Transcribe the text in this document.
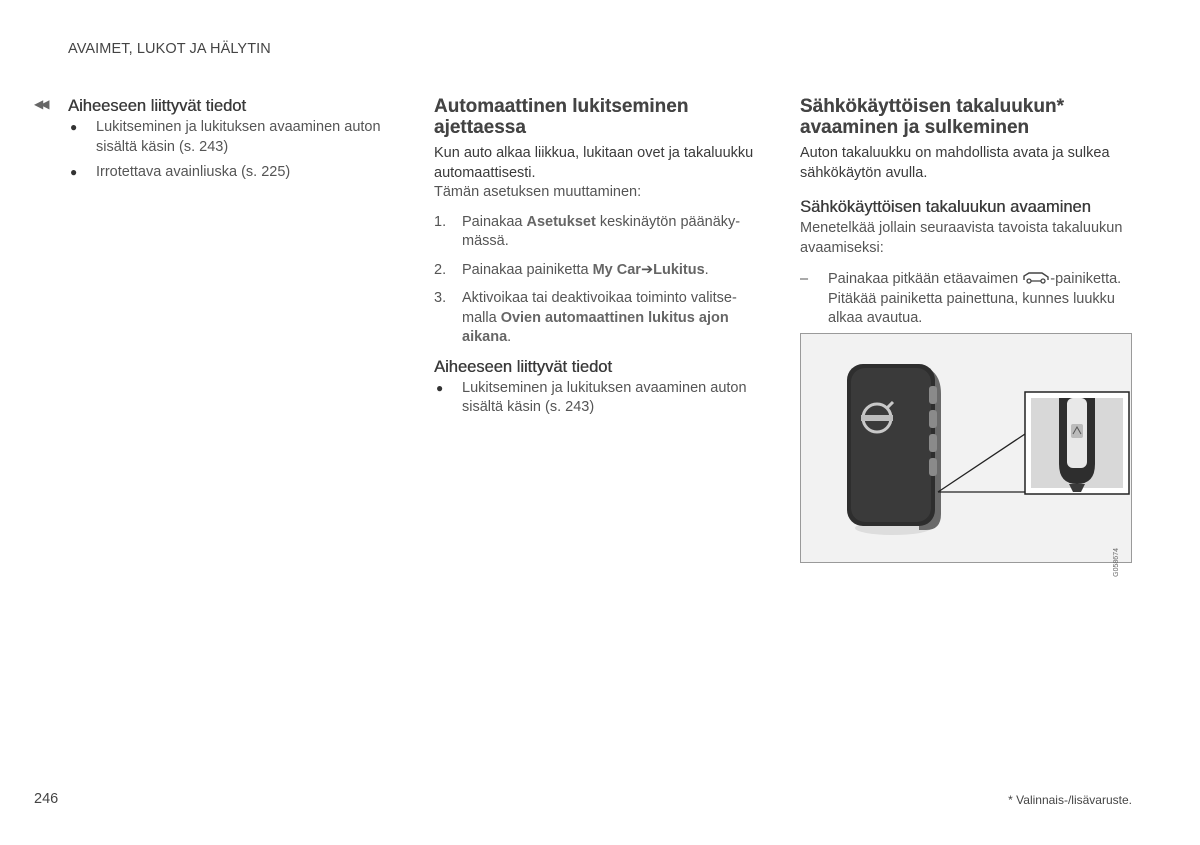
AVAIMET, LUKOT JA HÄLYTIN
◀◀ Aiheeseen liittyvät tiedot
● Lukitseminen ja lukituksen avaaminen auton sisältä käsin (s. 243)
● Irrotettava avainliuska (s. 225)
Automaattinen lukitseminen ajettaessa

Kun auto alkaa liikkua, lukitaan ovet ja takaluukku automaattisesti.

Tämän asetuksen muuttaminen:

1. Painakaa Asetukset keskinäytön päänäkymässä.
2. Painakaa painiketta My Car➔Lukitus.
3. Aktivoikaa tai deaktivoikaa toiminto valitsemalla Ovien automaattinen lukitus ajon aikana.
Aiheeseen liittyvät tiedot
● Lukitseminen ja lukituksen avaaminen auton sisältä käsin (s. 243)
Sähkökäyttöisen takaluukun* avaaminen ja sulkeminen

Auton takaluukku on mahdollista avata ja sulkea sähkökäytön avulla.

Sähkökäyttöisen takaluukun avaaminen

Menetelkää jollain seuraavista tavoista takaluukun avaamiseksi:

– Painakaa pitkään etäavaimen -painiketta. Pitäkää painiketta painettuna, kunnes luukku alkaa avautua.
G058674
246	* Valinnais-/lisävaruste.
